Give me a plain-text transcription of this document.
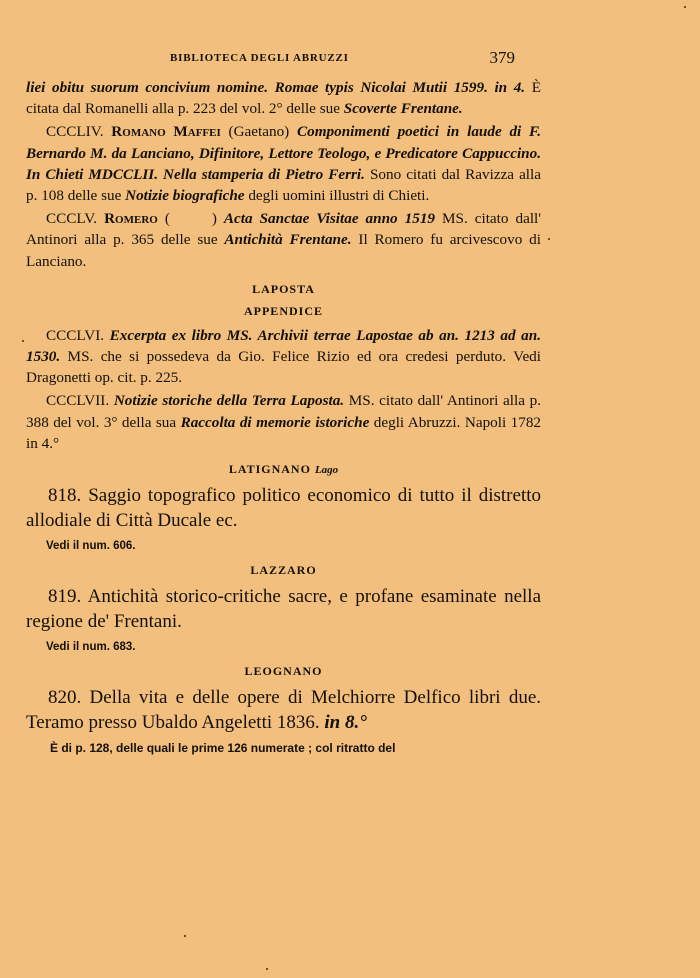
BIBLIOTECA DEGLI ABRUZZI	379

liei obitu suorum concivium nomine. Romae typis Nicolai Mutii 1599. in 4. È citata dal Romanelli alla p. 223 del vol. 2° delle sue Scoverte Frentane.

CCCLIV. Romano Maffei (Gaetano) Componimenti poetici in laude di F. Bernardo M. da Lanciano, Difinitore, Lettore Teologo, e Predicatore Cappuccino. In Chieti MDCCLII. Nella stamperia di Pietro Ferri. Sono citati dal Ravizza alla p. 108 delle sue Notizie biografiche degli uomini illustri di Chieti.

CCCLV. Romero (      ) Acta Sanctae Visitae anno 1519 MS. citato dall' Antinori alla p. 365 delle sue Antichità Frentane. Il Romero fu arcivescovo di Lanciano.

LAPOSTA
APPENDICE

CCCLVI. Excerpta ex libro MS. Archivii terrae Lapostae ab an. 1213 ad an. 1530. MS. che si possedeva da Gio. Felice Rizio ed ora credesi perduto. Vedi Dragonetti op. cit. p. 225.

CCCLVII. Notizie storiche della Terra Laposta. MS. citato dall' Antinori alla p. 388 del vol. 3° della sua Raccolta di memorie istoriche degli Abruzzi. Napoli 1782 in 4.°

LATIGNANO Lago

818. Saggio topografico politico economico di tutto il distretto allodiale di Città Ducale ec.

Vedi il num. 606.
LAZZARO

819. Antichità storico-critiche sacre, e profane esaminate nella regione de' Frentani.

Vedi il num. 683.
LEOGNANO

820. Della vita e delle opere di Melchiorre Delfico libri due. Teramo presso Ubaldo Angeletti 1836. in 8.°

È di p. 128, delle quali le prime 126 numerate ; col ritratto del
